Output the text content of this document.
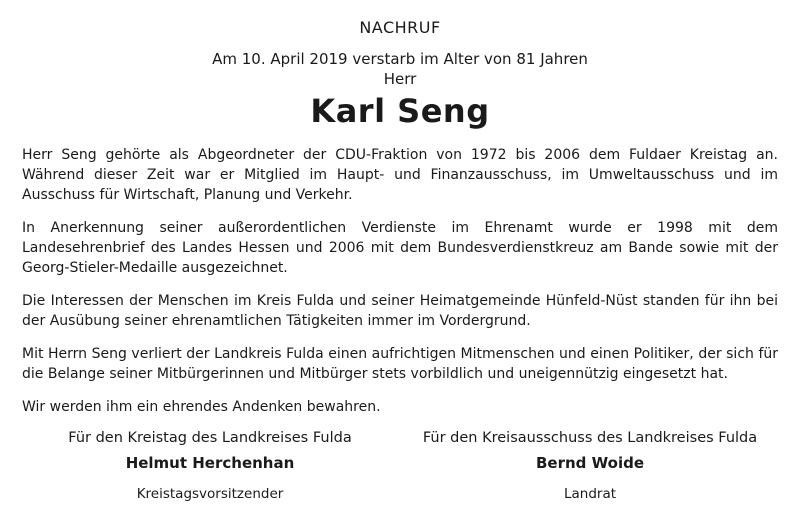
NACHRUF
Am 10. April 2019 verstarb im Alter von 81 Jahren
Herr
Karl Seng

Herr Seng gehörte als Abgeordneter der CDU-Fraktion von 1972 bis 2006 dem Fuldaer Kreistag an. Während dieser Zeit war er Mitglied im Haupt- und Finanzausschuss, im Umweltausschuss und im Ausschuss für Wirtschaft, Planung und Verkehr.

In Anerkennung seiner außerordentlichen Verdienste im Ehrenamt wurde er 1998 mit dem Landesehrenbrief des Landes Hessen und 2006 mit dem Bundesverdienstkreuz am Bande sowie mit der Georg-Stieler-Medaille ausgezeichnet.

Die Interessen der Menschen im Kreis Fulda und seiner Heimatgemeinde Hünfeld-Nüst standen für ihn bei der Ausübung seiner ehrenamtlichen Tätigkeiten immer im Vordergrund.

Mit Herrn Seng verliert der Landkreis Fulda einen aufrichtigen Mitmenschen und einen Politiker, der sich für die Belange seiner Mitbürgerinnen und Mitbürger stets vorbildlich und uneigennützig eingesetzt hat.

Wir werden ihm ein ehrendes Andenken bewahren.

Für den Kreistag des Landkreises Fulda
Helmut Herchenhan
Kreistagsvorsitzender
Für den Kreisausschuss des Landkreises Fulda
Bernd Woide
Landrat
